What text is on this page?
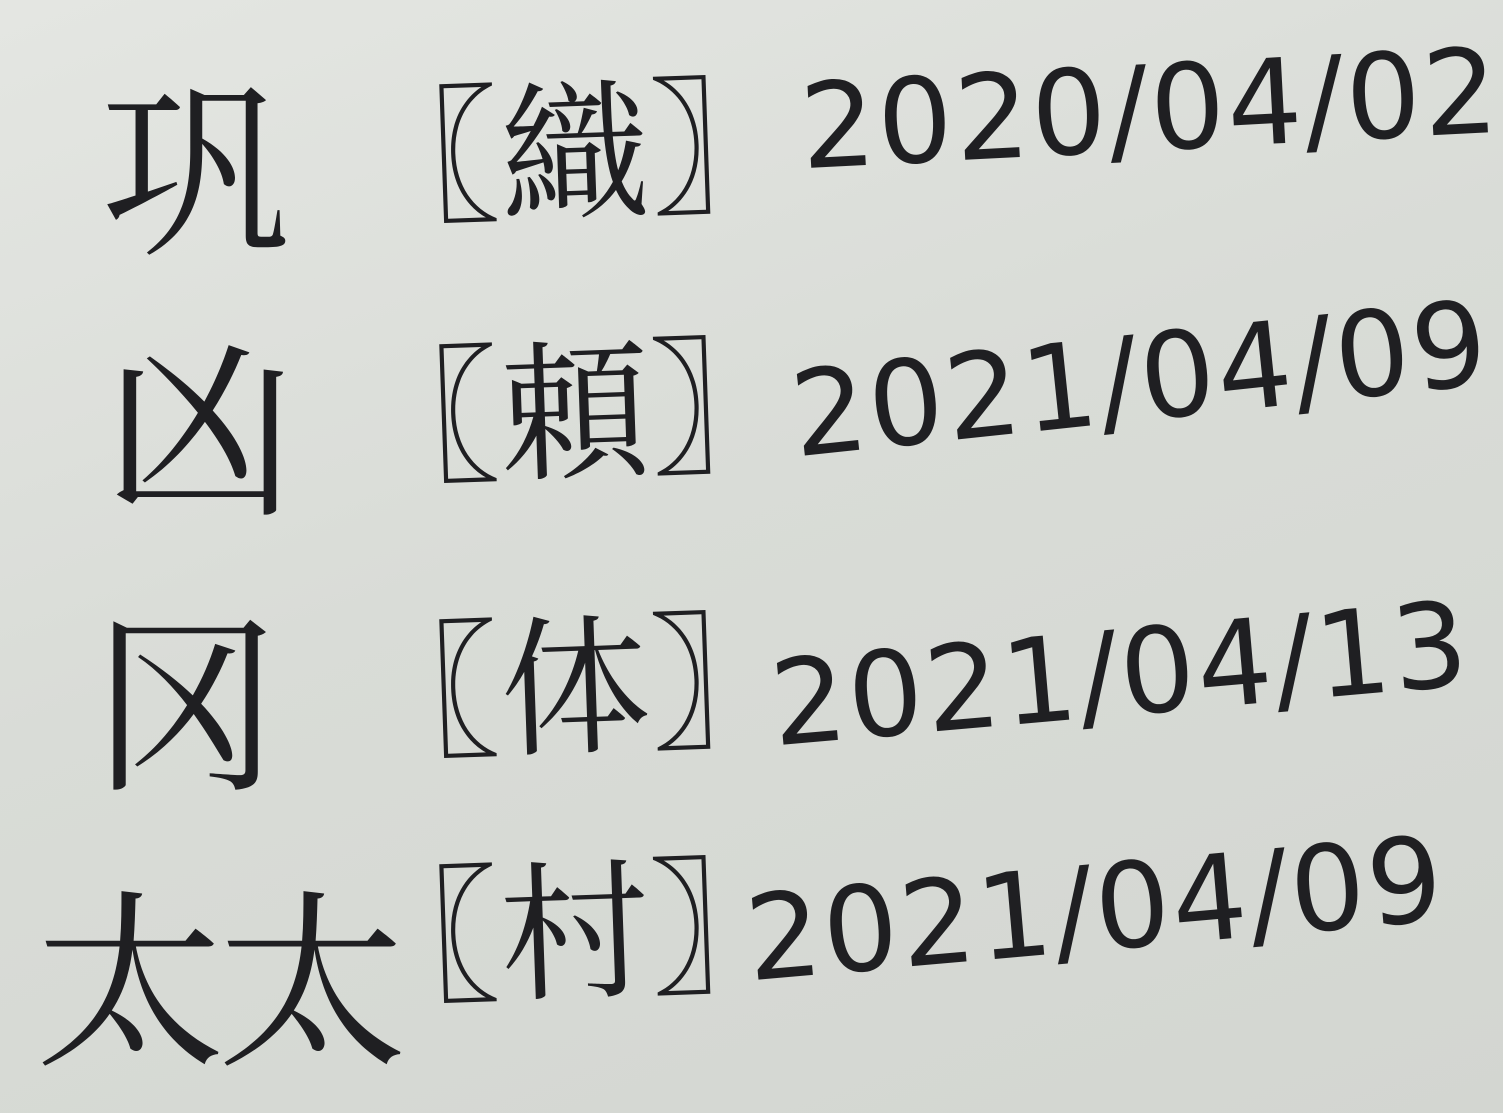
巩 〖織〗
2020/04/02
凶 〖頼〗
2021/04/09
冈 〖体〗
2021/04/13
太太
〖村〗
2021/04/09
